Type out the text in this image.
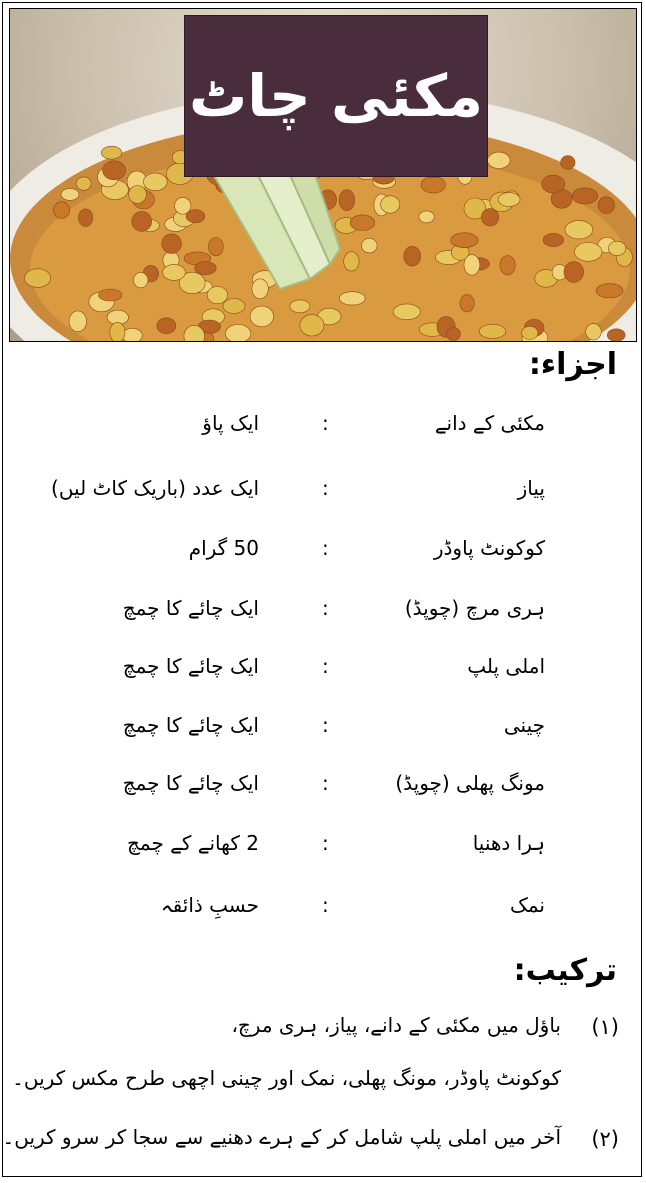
مکئی چاٹ
اجزاء:
مکئی کے دانے
:
ایک پاؤ
پیاز
:
ایک عدد (باریک کاٹ لیں)
کوکونٹ پاوڈر
:
50 گرام
ہری مرچ (چوپڈ)
:
ایک چائے کا چمچ
املی پلپ
:
ایک چائے کا چمچ
چینی
:
ایک چائے کا چمچ
مونگ پھلی (چوپڈ)
:
ایک چائے کا چمچ
ہرا دھنیا
:
2 کھانے کے چمچ
نمک
:
حسبِ ذائقہ
ترکیب:
(۱)
باؤل میں مکئی کے دانے، پیاز، ہری مرچ،
کوکونٹ پاوڈر، مونگ پھلی، نمک اور چینی اچھی طرح مکس کریں۔
(۲)
آخر میں املی پلپ شامل کر کے ہرے دھنیے سے سجا کر سرو کریں۔
